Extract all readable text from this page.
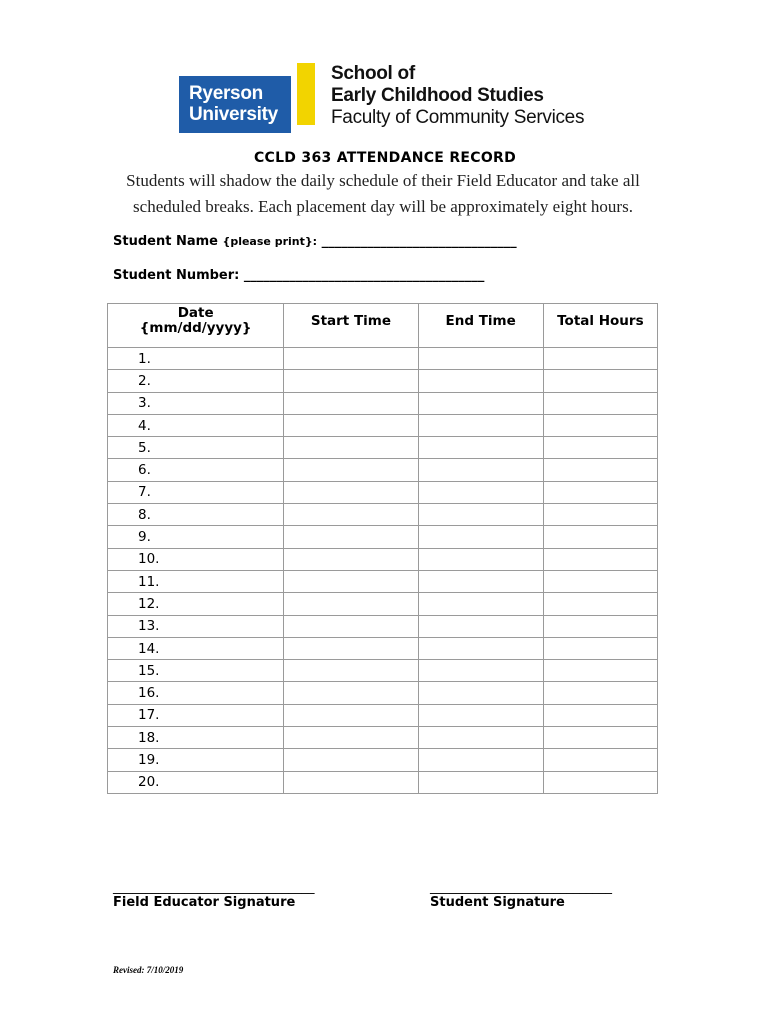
Ryerson
University
School of
Early Childhood Studies
Faculty of Community Services
CCLD 363 ATTENDANCE RECORD
Students will shadow the daily schedule of their Field Educator and take all scheduled breaks. Each placement day will be approximately eight hours.
Student Name {please print}: ______________________________
Student Number: _____________________________________
Date
{mm/dd/yyyy}	Start Time	End Time	Total Hours
1.			
2.			
3.			
4.			
5.			
6.			
7.			
8.			
9.			
10.			
11.			
12.			
13.			
14.			
15.			
16.			
17.			
18.			
19.			
20.			
_______________________________
Field Educator Signature
____________________________
Student Signature
Revised: 7/10/2019
